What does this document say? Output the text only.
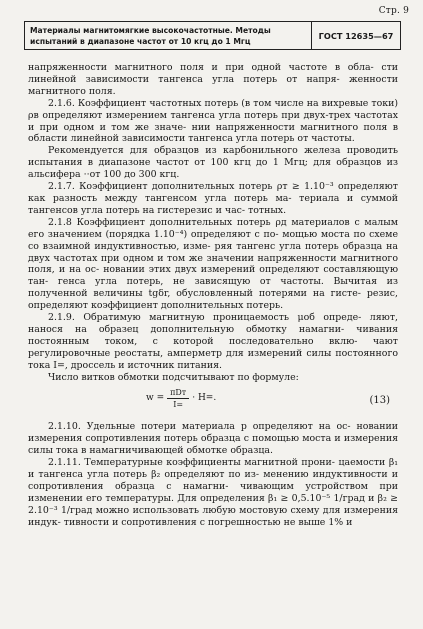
Стр. 9
Материалы магнитомягкие высокочастотные. Методы
испытаний в диапазоне частот от 10 кгц до 1 Мгц
ГОСТ 12635—67

напряженности магнитного поля и при одной частоте в обла- сти линейной зависимости тангенса угла потерь от напря- женности магнитного поля.

2.1.6. Коэффициент частотных потерь (в том числе на вихревые токи) ρв определяют измерением тангенса угла потерь при двух-трех частотах и при одном и том же значе- нии напряженности магнитного поля в области линейной зависимости тангенса угла потерь от частоты.

Рекомендуется для образцов из карбонильного железа проводить испытания в диапазоне частот от 100 кгц до 1 Мгц; для образцов из альсифера ··от 100 до 300 кгц.

2.1.7. Коэффициент дополнительных потерь ρт ≥ 1.10⁻³ определяют как разность между тангенсом угла потерь ма- териала и суммой тангенсов угла потерь на гистерезис и час- тотных.

2.1.8 Коэффициент дополнительных потерь ρд материалов с малым его значением (порядка 1.10⁻⁴) определяют с по- мощью моста по схеме со взаимной индуктивностью, изме- ряя тангенс угла потерь образца на двух частотах при одном и том же значении напряженности магнитного поля, и на ос- новании этих двух измерений определяют составляющую тан- генса угла потерь, не зависящую от частоты. Вычитая из полученной величины tgδr, обусловленный потерями на гисте- резис, определяют коэффициент дополнительных потерь.

2.1.9. Обратимую магнитную проницаемость μоб опреде- ляют, нанося на образец дополнительную обмотку намагни- чивания постоянным током, с которой последовательно вклю- чают регулировочные реостаты, амперметр для измерений силы постоянного тока I=, дроссель и источник питания.

Число витков обмотки подсчитывают по формуле:

$w = \frac{\text{πDт}}{I=} \cdot H=$.	(13)

2.1.10. Удельные потери материала р определяют на ос- новании измерения сопротивления потерь образца с помощью моста и измерения силы тока в намагничивающей обмотке образца.

2.1.11. Температурные коэффициенты магнитной прони- цаемости β₁ и тангенса угла потерь β₂ определяют по из- менению индуктивности и сопротивления образца с намагни- чивающим устройством при изменении его температуры. Для определения β₁ ≥ 0,5.10⁻⁵ 1/град и β₂ ≥ 2.10⁻³ 1/град можно использовать любую мостовую схему для измерения индук- тивности и сопротивления с погрешностью не выше 1% и
